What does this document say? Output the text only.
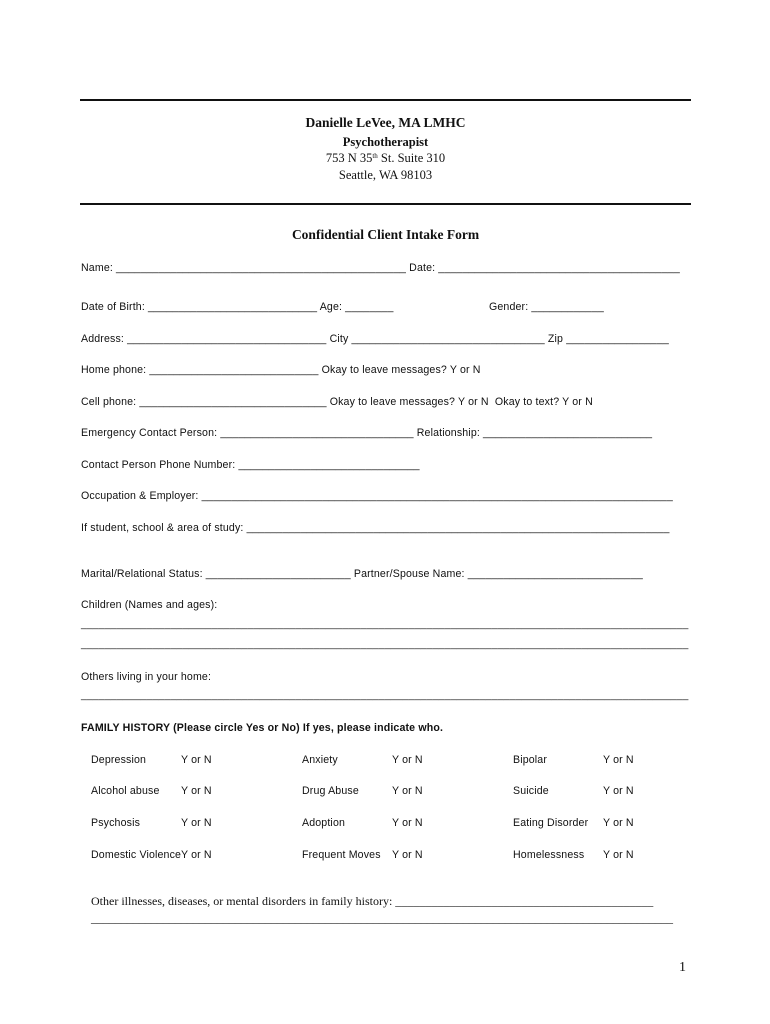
Danielle LeVee, MA LMHC
Psychotherapist
753 N 35th St. Suite 310
Seattle, WA 98103
Confidential Client Intake Form
Name: ________________________________________________ Date: ________________________________________
Date of Birth: ____________________________ Age: ________	Gender: ____________
Address: _________________________________ City ________________________________ Zip _________________
Home phone: ____________________________ Okay to leave messages? Y or N
Cell phone: _______________________________ Okay to leave messages? Y or N  Okay to text? Y or N
Emergency Contact Person: ________________________________ Relationship: ____________________________
Contact Person Phone Number: ______________________________
Occupation & Employer: ______________________________________________________________________________
If student, school & area of study: ______________________________________________________________________
Marital/Relational Status: ________________________ Partner/Spouse Name: _____________________________
Children (Names and ages):
______________________________________________________________________________________________________
______________________________________________________________________________________________________
Others living in your home:
______________________________________________________________________________________________________
FAMILY HISTORY (Please circle Yes or No) If yes, please indicate who.
Depression	Y or N	Anxiety	Y or N	Bipolar	Y or N
Alcohol abuse Y or N	Drug Abuse	Y or N	Suicide	Y or N
Psychosis	Y or N	Adoption	Y or N	Eating Disorder Y or N
Domestic Violence Y or N	Frequent Moves Y or N	Homelessness Y or N
Other illnesses, diseases, or mental disorders in family history: ___________________________________________
_________________________________________________________________________________________________
1
